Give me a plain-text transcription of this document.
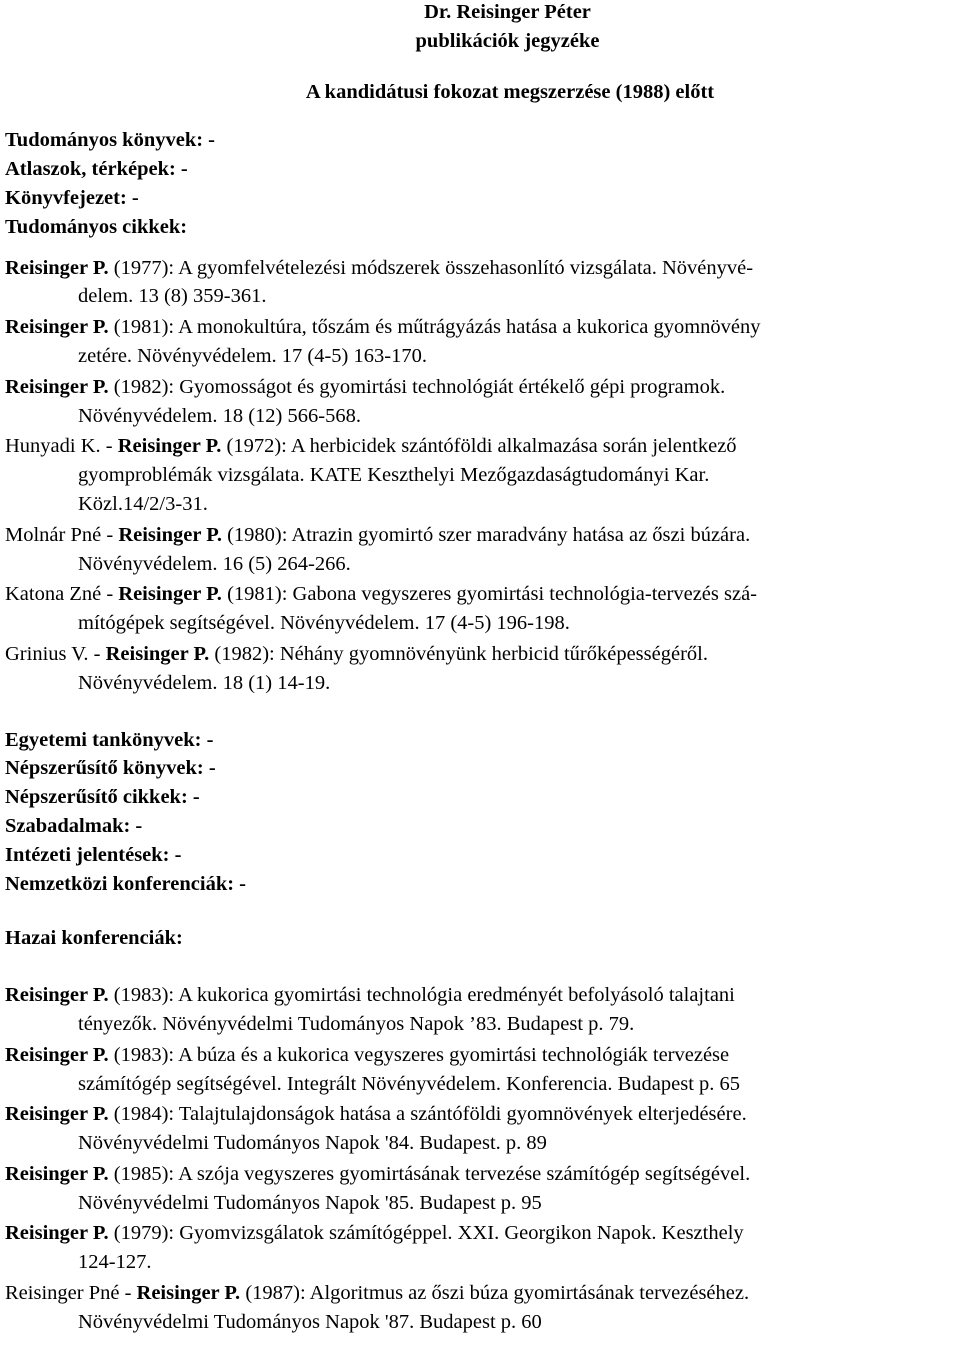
Dr. Reisinger Péter
publikációk jegyzéke
A kandidátusi fokozat megszerzése (1988) előtt
Tudományos könyvek: -
Atlaszok, térképek: -
Könyvfejezet: -
Tudományos cikkek:
Reisinger P. (1977): A gyomfelvételezési módszerek összehasonlító vizsgálata. Növényvé-
delem. 13 (8) 359-361.
Reisinger P. (1981): A monokultúra, tőszám és műtrágyázás hatása a kukorica gyomnövény
zetére. Növényvédelem. 17 (4-5) 163-170.
Reisinger P. (1982): Gyomosságot és gyomirtási technológiát értékelő gépi programok.
Növényvédelem. 18 (12) 566-568.
Hunyadi K. - Reisinger P. (1972): A herbicidek szántóföldi alkalmazása során jelentkező
gyomproblémák vizsgálata. KATE Keszthelyi Mezőgazdaságtudományi Kar.
Közl.14/2/3-31.
Molnár Pné - Reisinger P. (1980): Atrazin gyomirtó szer maradvány hatása az őszi búzára.
Növényvédelem. 16 (5) 264-266.
Katona Zné - Reisinger P. (1981): Gabona vegyszeres gyomirtási technológia-tervezés szá-
mítógépek segítségével. Növényvédelem. 17 (4-5) 196-198.
Grinius V. - Reisinger P. (1982): Néhány gyomnövényünk herbicid tűrőképességéről.
Növényvédelem. 18 (1) 14-19.
Egyetemi tankönyvek: -
Népszerűsítő könyvek: -
Népszerűsítő cikkek: -
Szabadalmak: -
Intézeti jelentések: -
Nemzetközi konferenciák: -
Hazai konferenciák:
Reisinger P. (1983): A kukorica gyomirtási technológia eredményét befolyásoló talajtani
tényezők. Növényvédelmi Tudományos Napok ’83. Budapest p. 79.
Reisinger P. (1983): A búza és a kukorica vegyszeres gyomirtási technológiák tervezése
számítógép segítségével. Integrált Növényvédelem. Konferencia. Budapest p. 65
Reisinger P. (1984): Talajtulajdonságok hatása a szántóföldi gyomnövények elterjedésére.
Növényvédelmi Tudományos Napok '84. Budapest. p. 89
Reisinger P. (1985): A szója vegyszeres gyomirtásának tervezése számítógép segítségével.
Növényvédelmi Tudományos Napok '85. Budapest p. 95
Reisinger P. (1979): Gyomvizsgálatok számítógéppel. XXI. Georgikon Napok. Keszthely
124-127.
Reisinger Pné - Reisinger P. (1987): Algoritmus az őszi búza gyomirtásának tervezéséhez.
Növényvédelmi Tudományos Napok '87. Budapest p. 60
